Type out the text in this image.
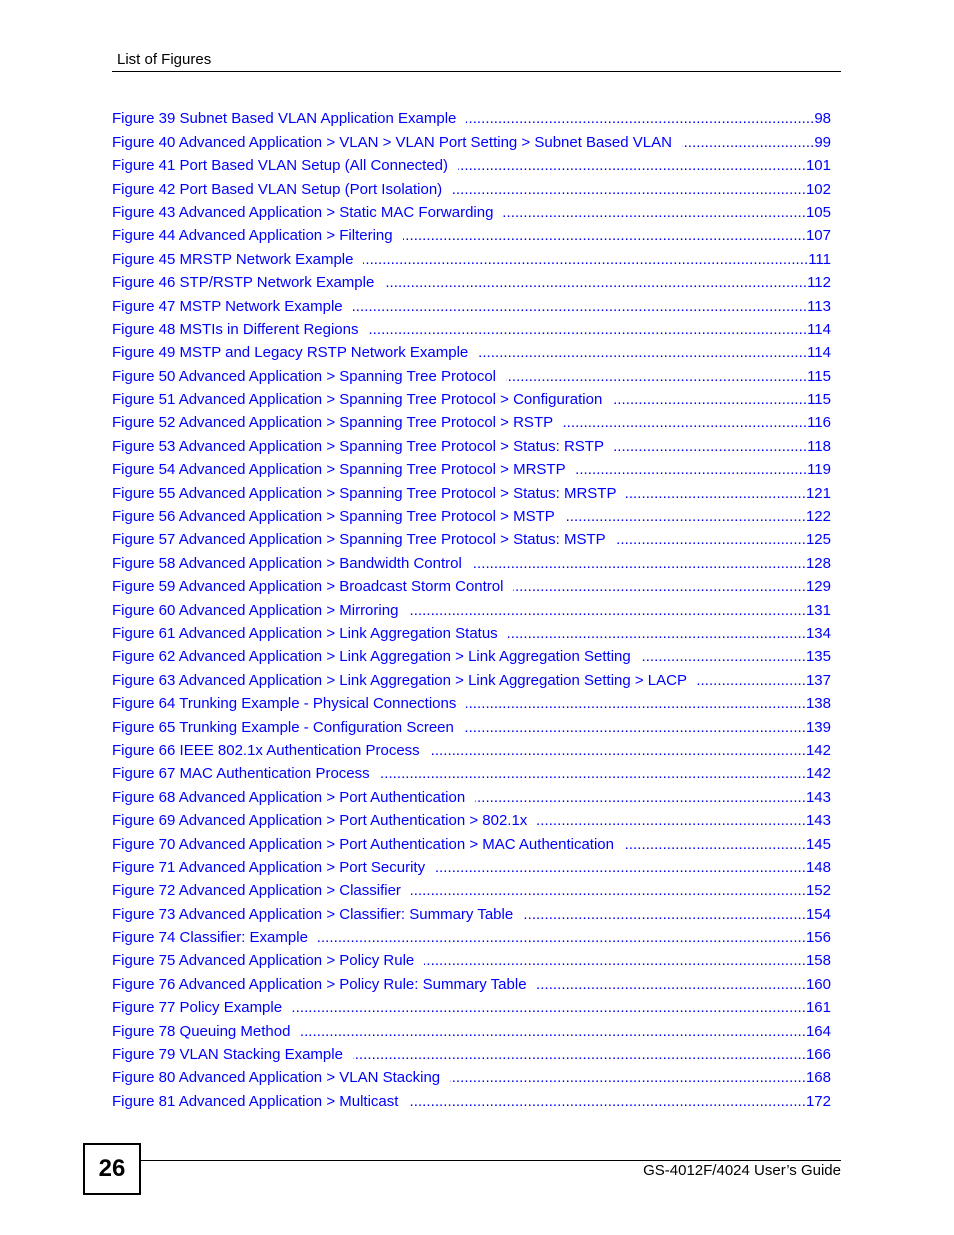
List of Figures
Figure 39 Subnet Based VLAN Application Example .....	98
Figure 40 Advanced Application > VLAN > VLAN Port Setting > Subnet Based VLAN .....	99
Figure 41 Port Based VLAN Setup (All Connected) .....	101
Figure 42 Port Based VLAN Setup (Port Isolation) .....	102
Figure 43 Advanced Application > Static MAC Forwarding .....	105
Figure 44 Advanced Application > Filtering .....	107
Figure 45 MRSTP Network Example .....	111
Figure 46 STP/RSTP Network Example .....	112
Figure 47 MSTP Network Example .....	113
Figure 48 MSTIs in Different Regions .....	114
Figure 49 MSTP and Legacy RSTP Network Example .....	114
Figure 50 Advanced Application > Spanning Tree Protocol .....	115
Figure 51 Advanced Application > Spanning Tree Protocol > Configuration .....	115
Figure 52 Advanced Application > Spanning Tree Protocol > RSTP .....	116
Figure 53 Advanced Application > Spanning Tree Protocol > Status: RSTP .....	118
Figure 54 Advanced Application > Spanning Tree Protocol > MRSTP .....	119
Figure 55 Advanced Application > Spanning Tree Protocol > Status: MRSTP .....	121
Figure 56 Advanced Application > Spanning Tree Protocol > MSTP .....	122
Figure 57 Advanced Application > Spanning Tree Protocol > Status: MSTP .....	125
Figure 58 Advanced Application > Bandwidth Control .....	128
Figure 59 Advanced Application > Broadcast Storm Control .....	129
Figure 60 Advanced Application > Mirroring .....	131
Figure 61 Advanced Application > Link Aggregation Status .....	134
Figure 62 Advanced Application > Link Aggregation > Link Aggregation Setting .....	135
Figure 63 Advanced Application > Link Aggregation > Link Aggregation Setting > LACP .....	137
Figure 64 Trunking Example - Physical Connections .....	138
Figure 65 Trunking Example - Configuration Screen .....	139
Figure 66 IEEE 802.1x Authentication Process .....	142
Figure 67 MAC Authentication Process .....	142
Figure 68 Advanced Application > Port Authentication .....	143
Figure 69 Advanced Application > Port Authentication > 802.1x .....	143
Figure 70 Advanced Application > Port Authentication > MAC Authentication .....	145
Figure 71 Advanced Application > Port Security .....	148
Figure 72 Advanced Application > Classifier .....	152
Figure 73 Advanced Application > Classifier: Summary Table .....	154
Figure 74 Classifier: Example .....	156
Figure 75 Advanced Application > Policy Rule .....	158
Figure 76 Advanced Application > Policy Rule: Summary Table .....	160
Figure 77 Policy Example .....	161
Figure 78 Queuing Method .....	164
Figure 79 VLAN Stacking Example .....	166
Figure 80 Advanced Application > VLAN Stacking .....	168
Figure 81 Advanced Application > Multicast .....	172
26	GS-4012F/4024 User’s Guide
